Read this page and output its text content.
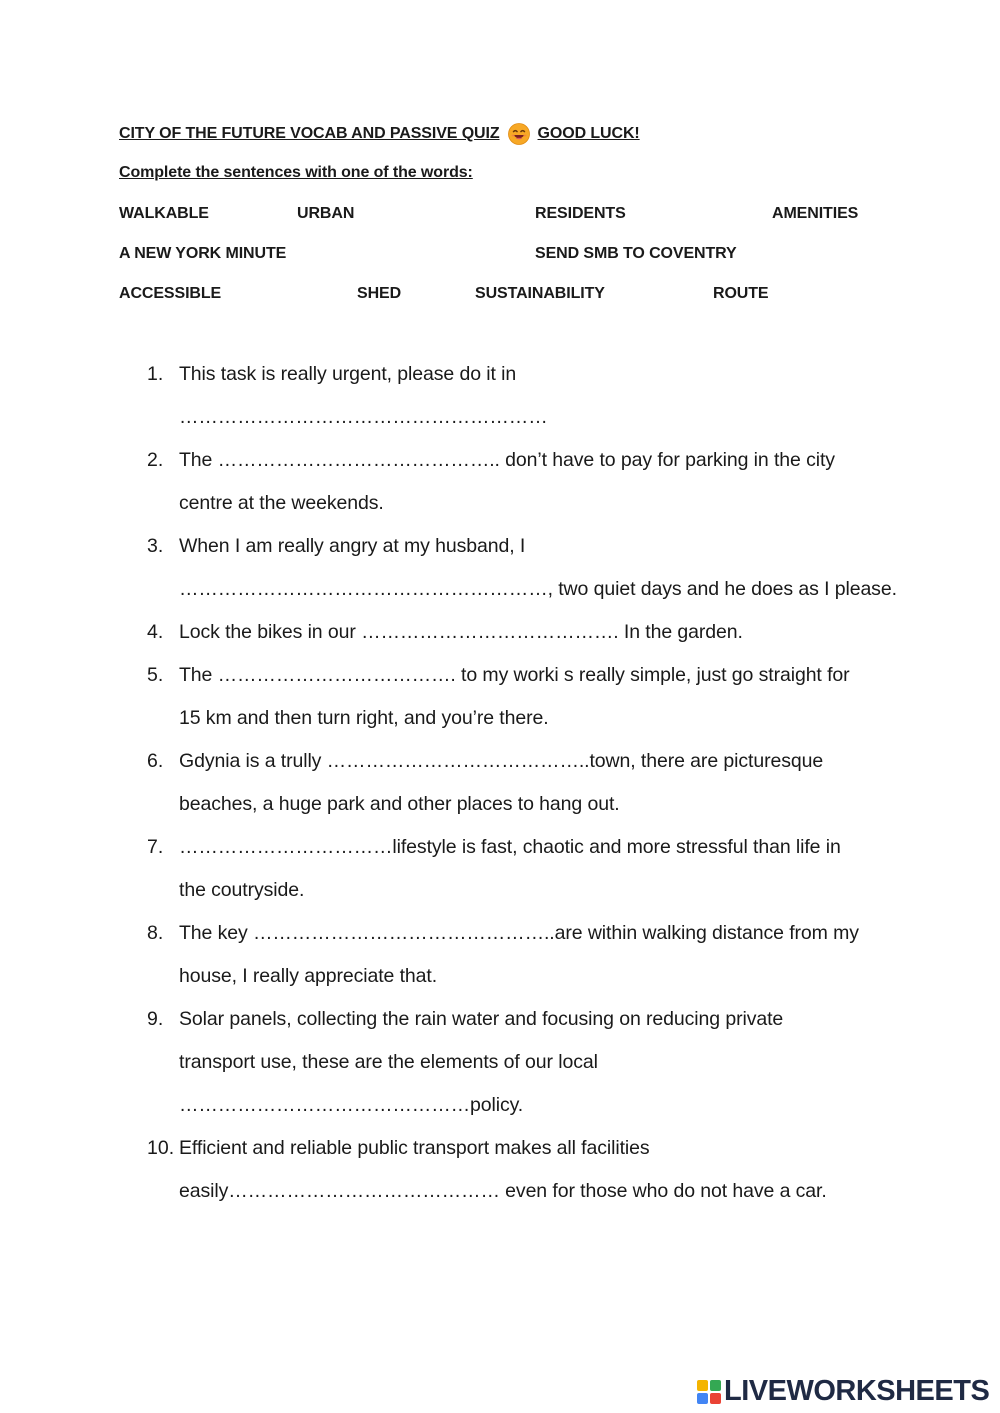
CITY OF THE FUTURE VOCAB AND PASSIVE QUIZ GOOD LUCK!
Complete the sentences with one of the words:
WALKABLE	URBAN	RESIDENTS	AMENITIES
A NEW YORK MINUTE	SEND SMB TO COVENTRY
ACCESSIBLE	SHED	SUSTAINABILITY	ROUTE
1. This task is really urgent, please do it in
…………………………………………………
2. The …………………………………….. don’t have to pay for parking in the city
centre at the weekends.
3. When I am really angry at my husband, I
…………………………………………………, two quiet days and he does as I please.
4. Lock the bikes in our …………………………………. In the garden.
5. The ………………………………. to my worki s really simple, just go straight for
15 km and then turn right, and you’re there.
6. Gdynia is a trully …………………………………..town, there are picturesque
beaches, a huge park and other places to hang out.
7. ……………………………lifestyle is fast, chaotic and more stressful than life in
the coutryside.
8. The key ………………………………………..are within walking distance from my
house, I really appreciate that.
9. Solar panels, collecting the rain water and focusing on reducing private
transport use, these are the elements of our local
………………………………………policy.
10. Efficient and reliable public transport makes all facilities
easily…………………………………… even for those who do not have a car.
LIVEWORKSHEETS
